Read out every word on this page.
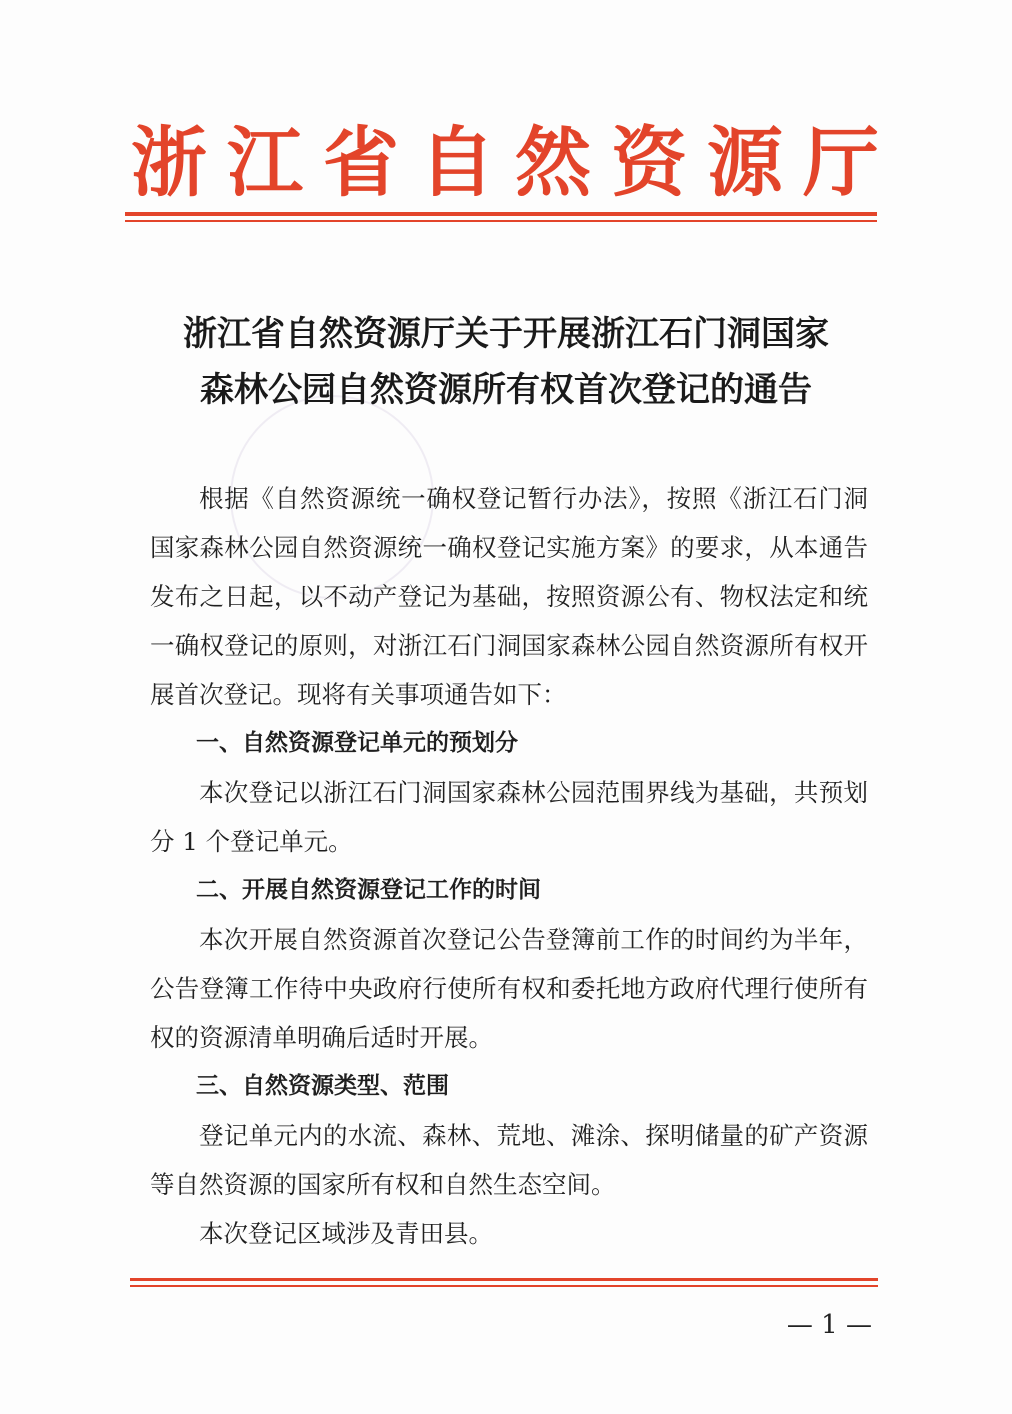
浙江省自然资源厅
浙江省自然资源厅关于开展浙江石门洞国家
森林公园自然资源所有权首次登记的通告

根据《自然资源统一确权登记暂行办法》，按照《浙江石门洞国家森林公园自然资源统一确权登记实施方案》的要求，从本通告发布之日起，以不动产登记为基础，按照资源公有、物权法定和统一确权登记的原则，对浙江石门洞国家森林公园自然资源所有权开展首次登记。现将有关事项通告如下：

一、自然资源登记单元的预划分

本次登记以浙江石门洞国家森林公园范围界线为基础，共预划分 1 个登记单元。

二、开展自然资源登记工作的时间

本次开展自然资源首次登记公告登簿前工作的时间约为半年，公告登簿工作待中央政府行使所有权和委托地方政府代理行使所有权的资源清单明确后适时开展。

三、自然资源类型、范围

登记单元内的水流、森林、荒地、滩涂、探明储量的矿产资源等自然资源的国家所有权和自然生态空间。

本次登记区域涉及青田县。

— 1 —
